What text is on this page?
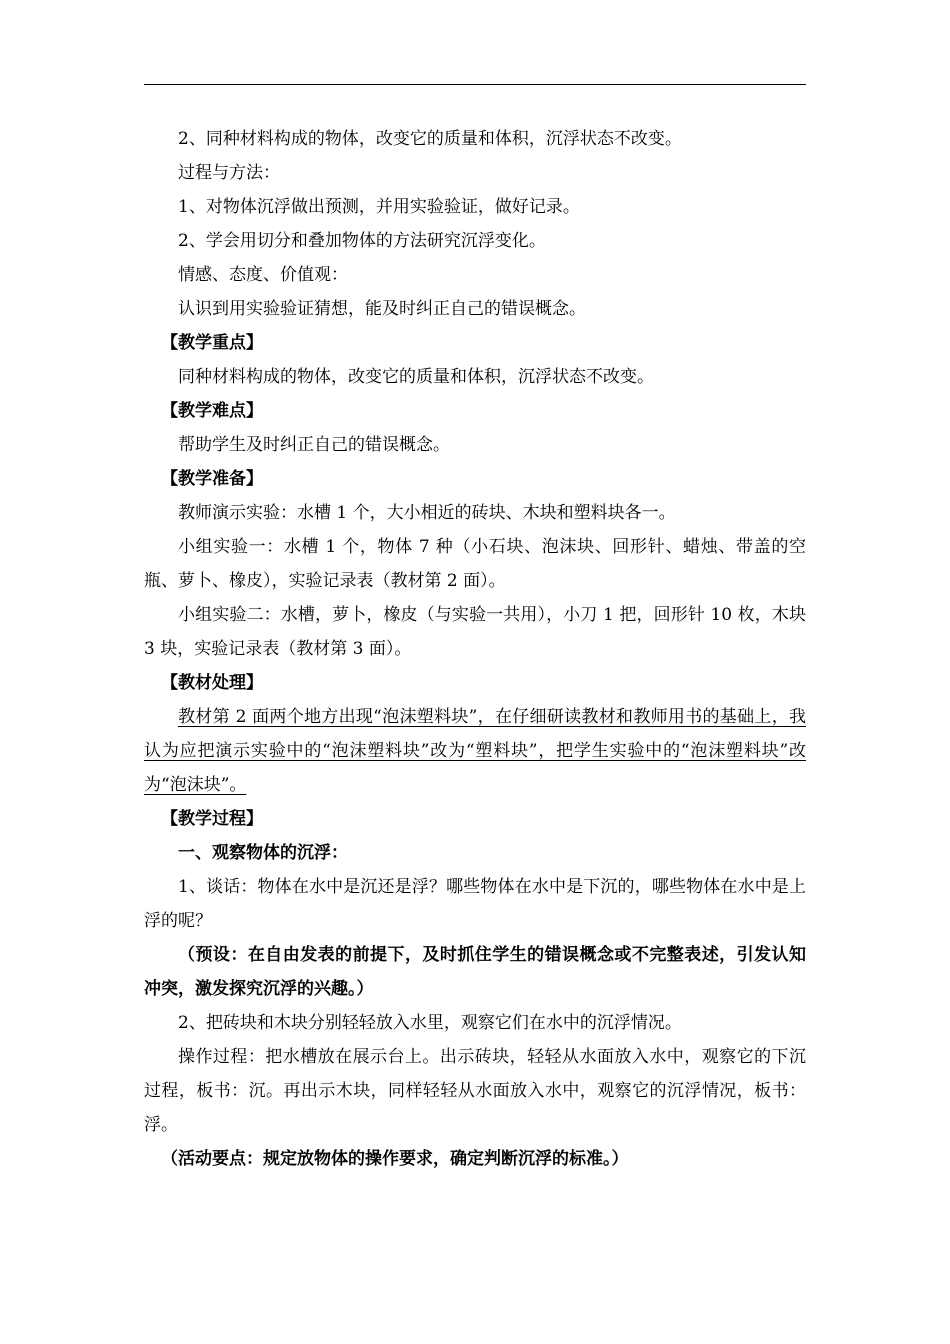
2、同种材料构成的物体，改变它的质量和体积，沉浮状态不改变。

过程与方法：

1、对物体沉浮做出预测，并用实验验证，做好记录。

2、学会用切分和叠加物体的方法研究沉浮变化。

情感、态度、价值观：

认识到用实验验证猜想，能及时纠正自己的错误概念。

【教学重点】

同种材料构成的物体，改变它的质量和体积，沉浮状态不改变。

【教学难点】

帮助学生及时纠正自己的错误概念。

【教学准备】

教师演示实验：水槽 1 个，大小相近的砖块、木块和塑料块各一。

小组实验一：水槽 1 个，物体 7 种（小石块、泡沫块、回形针、蜡烛、带盖的空瓶、萝卜、橡皮），实验记录表（教材第 2 面）。

小组实验二：水槽，萝卜，橡皮（与实验一共用），小刀 1 把，回形针 10 枚，木块 3 块，实验记录表（教材第 3 面）。

【教材处理】

教材第 2 面两个地方出现“泡沫塑料块”，在仔细研读教材和教师用书的基础上，我认为应把演示实验中的“泡沫塑料块”改为“塑料块”，把学生实验中的“泡沫塑料块”改为“泡沫块”。

【教学过程】

一、观察物体的沉浮：

1、谈话：物体在水中是沉还是浮？哪些物体在水中是下沉的，哪些物体在水中是上浮的呢？

（预设：在自由发表的前提下，及时抓住学生的错误概念或不完整表述，引发认知冲突，激发探究沉浮的兴趣。）

2、把砖块和木块分别轻轻放入水里，观察它们在水中的沉浮情况。

操作过程：把水槽放在展示台上。出示砖块，轻轻从水面放入水中，观察它的下沉过程，板书：沉。再出示木块，同样轻轻从水面放入水中，观察它的沉浮情况，板书：浮。

（活动要点：规定放物体的操作要求，确定判断沉浮的标准。）
